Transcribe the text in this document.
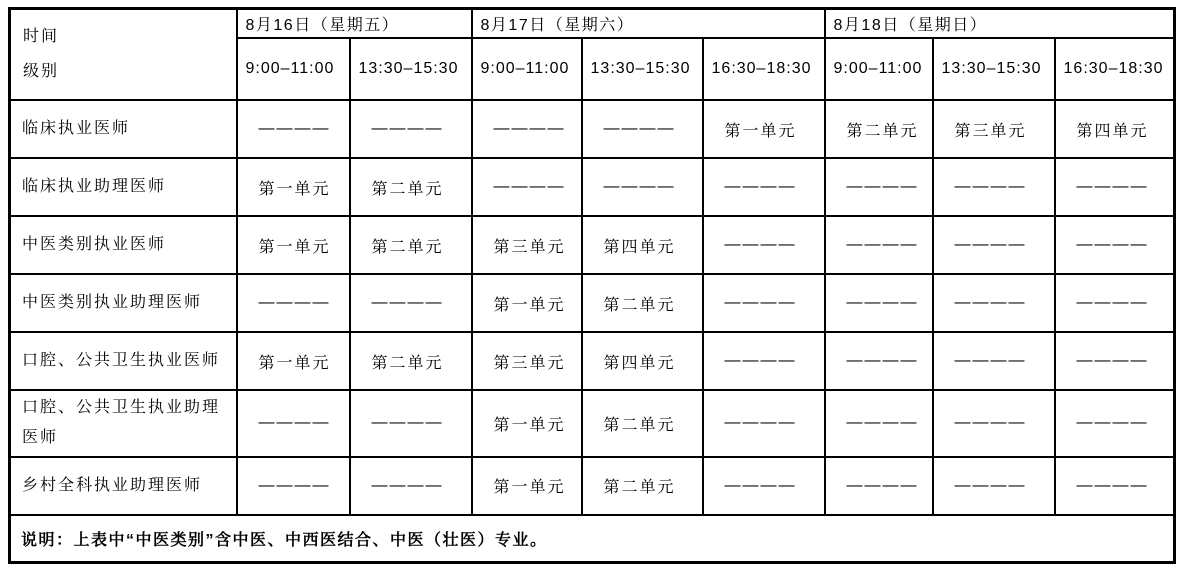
时间
级别	8月16日（星期五）		8月17日（星期六）			8月18日（星期日）		
	9:00–11:00	13:30–15:30	9:00–11:00	13:30–15:30	16:30–18:30	9:00–11:00	13:30–15:30	16:30–18:30
临床执业医师	————	————	————	————	第一单元	第二单元	第三单元	第四单元
临床执业助理医师	第一单元	第二单元	————	————	————	————	————	————
中医类别执业医师	第一单元	第二单元	第三单元	第四单元	————	————	————	————
中医类别执业助理医师	————	————	第一单元	第二单元	————	————	————	————
口腔、公共卫生执业医师	第一单元	第二单元	第三单元	第四单元	————	————	————	————
口腔、公共卫生执业助理医师	————	————	第一单元	第二单元	————	————	————	————
乡村全科执业助理医师	————	————	第一单元	第二单元	————	————	————	————
说明：上表中“中医类别”含中医、中西医结合、中医（壮医）专业。								
